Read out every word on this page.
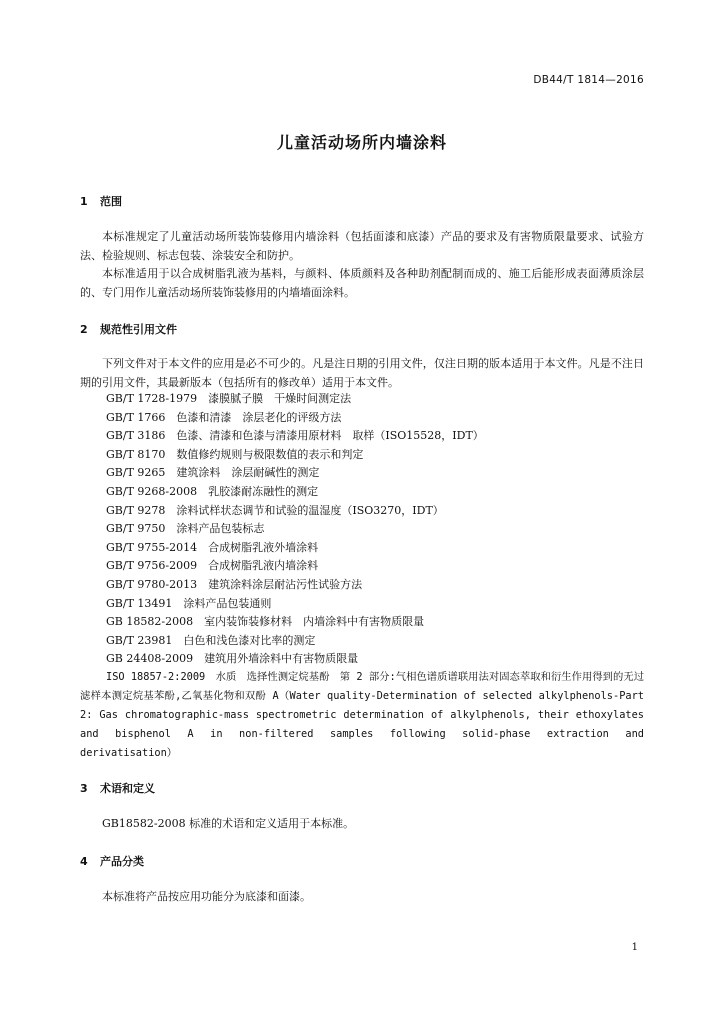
DB44/T 1814—2016
儿童活动场所内墙涂料
1 范围
本标准规定了儿童活动场所装饰装修用内墙涂料（包括面漆和底漆）产品的要求及有害物质限量要求、试验方法、检验规则、标志包装、涂装安全和防护。
本标准适用于以合成树脂乳液为基料，与颜料、体质颜料及各种助剂配制而成的、施工后能形成表面薄质涂层的、专门用作儿童活动场所装饰装修用的内墙墙面涂料。
2 规范性引用文件
下列文件对于本文件的应用是必不可少的。凡是注日期的引用文件，仅注日期的版本适用于本文件。凡是不注日期的引用文件，其最新版本（包括所有的修改单）适用于本文件。
GB/T 1728-1979　漆膜腻子膜　干燥时间测定法
GB/T 1766　色漆和清漆　涂层老化的评级方法
GB/T 3186　色漆、清漆和色漆与清漆用原材料　取样（ISO15528，IDT）
GB/T 8170　数值修约规则与极限数值的表示和判定
GB/T 9265　建筑涂料　涂层耐碱性的测定
GB/T 9268-2008　乳胶漆耐冻融性的测定
GB/T 9278　涂料试样状态调节和试验的温湿度（ISO3270，IDT）
GB/T 9750　涂料产品包装标志
GB/T 9755-2014　合成树脂乳液外墙涂料
GB/T 9756-2009　合成树脂乳液内墙涂料
GB/T 9780-2013　建筑涂料涂层耐沾污性试验方法
GB/T 13491　涂料产品包装通则
GB 18582-2008　室内装饰装修材料　内墙涂料中有害物质限量
GB/T 23981　白色和浅色漆对比率的测定
GB 24408-2009　建筑用外墙涂料中有害物质限量
ISO 18857-2:2009　水质　选择性测定烷基酚　第 2 部分:气相色谱质谱联用法对固态萃取和衍生作用得到的无过滤样本测定烷基苯酚,乙氧基化物和双酚 A（Water quality-Determination of selected alkylphenols-Part 2: Gas chromatographic-mass spectrometric determination of alkylphenols, their ethoxylates and bisphenol A in non-filtered samples following solid-phase extraction and derivatisation）
3 术语和定义
GB18582-2008 标准的术语和定义适用于本标准。
4 产品分类
本标准将产品按应用功能分为底漆和面漆。
1
